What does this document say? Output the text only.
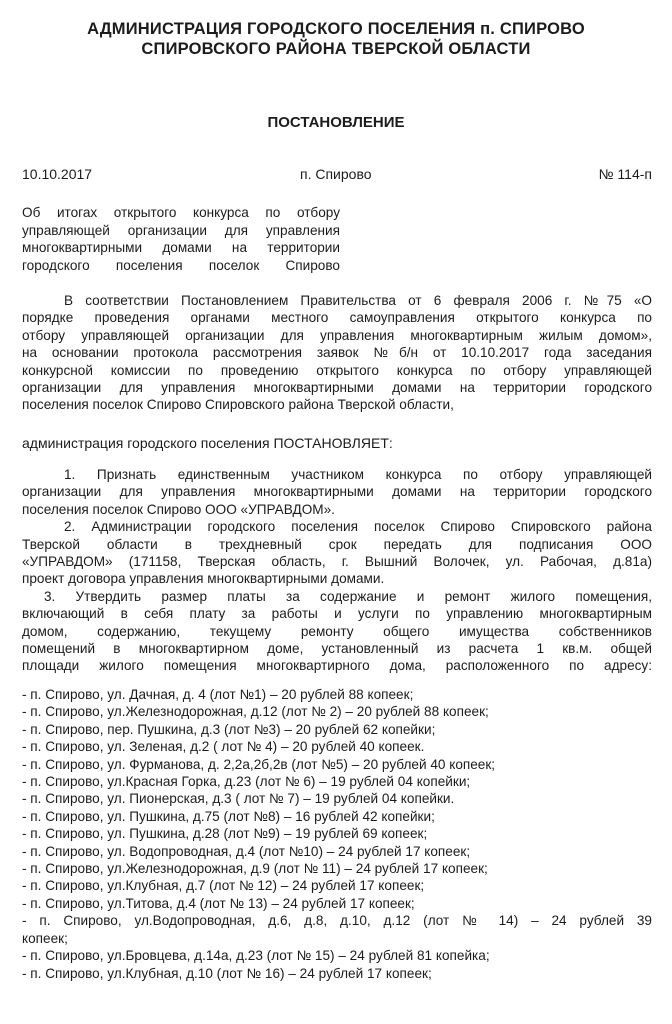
АДМИНИСТРАЦИЯ ГОРОДСКОГО ПОСЕЛЕНИЯ п. СПИРОВО
СПИРОВСКОГО РАЙОНА ТВЕРСКОЙ ОБЛАСТИ
ПОСТАНОВЛЕНИЕ
10.10.2017	п. Спирово	№ 114-п
Об итогах открытого конкурса по отбору
управляющей организации для управления
многоквартирными домами на территории
городского поселения поселок Спирово
В соответствии Постановлением Правительства от 6 февраля 2006 г. №75 «О
порядке проведения органами местного самоуправления открытого конкурса по
отбору управляющей организации для управления многоквартирным жилым домом»,
на основании протокола рассмотрения заявок №б/н от 10.10.2017 года заседания
конкурсной комиссии по проведению открытого конкурса по отбору управляющей
организации для управления многоквартирными домами на территории городского
поселения поселок Спирово Спировского района Тверской области,
администрация городского поселения ПОСТАНОВЛЯЕТ:
1. Признать единственным участником конкурса по отбору управляющей
организации для управления многоквартирными домами на территории городского
поселения поселок Спирово ООО «УПРАВДОМ».
2. Администрации городского поселения поселок Спирово Спировского района
Тверской области в трехдневный срок передать для подписания ООО
«УПРАВДОМ» (171158, Тверская область, г. Вышний Волочек, ул. Рабочая, д.81а)
проект договора управления многоквартирными домами.
3. Утвердить размер платы за содержание и ремонт жилого помещения,
включающий в себя плату за работы и услуги по управлению многоквартирным
домом, содержанию, текущему ремонту общего имущества собственников
помещений в многоквартирном доме, установленный из расчета 1 кв.м. общей
площади жилого помещения многоквартирного дома, расположенного по адресу:
- п. Спирово, ул. Дачная, д. 4 (лот №1) – 20 рублей 88 копеек;
- п. Спирово, ул.Железнодорожная, д.12 (лот № 2) – 20 рублей 88 копеек;
- п. Спирово, пер. Пушкина, д.3 (лот №3) – 20 рублей 62 копейки;
- п. Спирово, ул. Зеленая, д.2 ( лот № 4) – 20 рублей 40 копеек.
- п. Спирово, ул. Фурманова, д. 2,2а,2б,2в (лот №5) – 20 рублей 40 копеек;
- п. Спирово, ул.Красная Горка, д.23 (лот № 6) – 19 рублей 04 копейки;
- п. Спирово, ул. Пионерская, д.3 ( лот № 7) – 19 рублей 04 копейки.
- п. Спирово, ул. Пушкина, д.75 (лот №8) – 16 рублей 42 копейки;
- п. Спирово, ул. Пушкина, д.28 (лот №9) – 19 рублей 69 копеек;
- п. Спирово, ул. Водопроводная, д.4 (лот №10) – 24 рублей 17 копеек;
- п. Спирово, ул.Железнодорожная, д.9 (лот № 11) – 24 рублей 17 копеек;
- п. Спирово, ул.Клубная, д.7 (лот № 12) – 24 рублей 17 копеек;
- п. Спирово, ул.Титова, д.4 (лот № 13) – 24 рублей 17 копеек;
- п. Спирово, ул.Водопроводная, д.6, д.8, д.10, д.12 (лот № 14) – 24 рублей 39
копеек;
- п. Спирово, ул.Бровцева, д.14а, д.23 (лот № 15) – 24 рублей 81 копейка;
- п. Спирово, ул.Клубная, д.10 (лот № 16) – 24 рублей 17 копеек;
